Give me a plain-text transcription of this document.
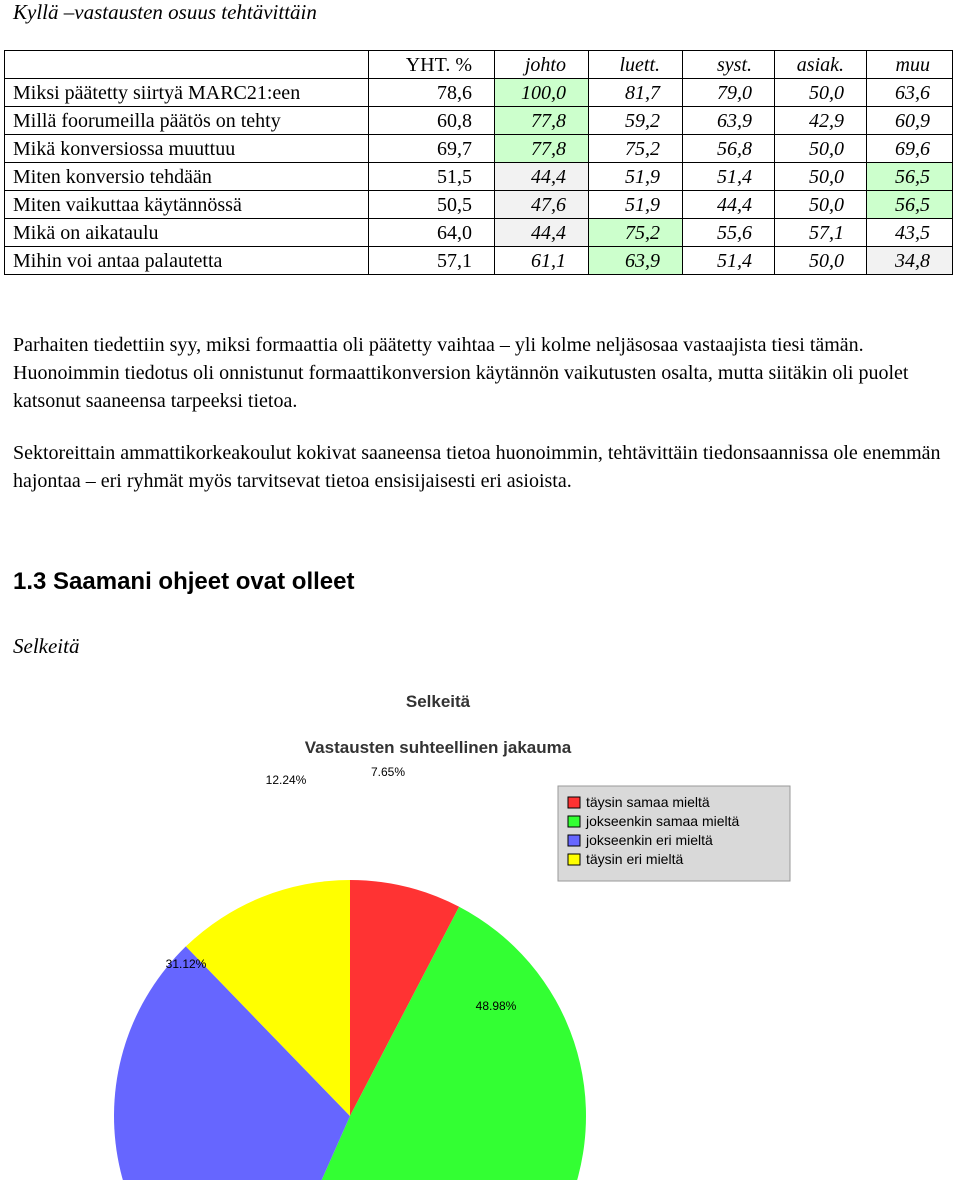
Kyllä –vastausten osuus tehtävittäin
	YHT. %	johto	luett.	syst.	asiak.	muu
Miksi päätetty siirtyä MARC21:een	78,6	100,0	81,7	79,0	50,0	63,6
Millä foorumeilla päätös on tehty	60,8	77,8	59,2	63,9	42,9	60,9
Mikä konversiossa muuttuu	69,7	77,8	75,2	56,8	50,0	69,6
Miten konversio tehdään	51,5	44,4	51,9	51,4	50,0	56,5
Miten vaikuttaa käytännössä	50,5	47,6	51,9	44,4	50,0	56,5
Mikä on aikataulu	64,0	44,4	75,2	55,6	57,1	43,5
Mihin voi antaa palautetta	57,1	61,1	63,9	51,4	50,0	34,8
Parhaiten tiedettiin syy, miksi formaattia oli päätetty vaihtaa – yli kolme neljäsosaa vastaajista tiesi tämän. Huonoimmin tiedotus oli onnistunut formaattikonversion käytännön vaikutusten osalta, mutta siitäkin oli puolet katsonut saaneensa tarpeeksi tietoa.
Sektoreittain ammattikorkeakoulut kokivat saaneensa tietoa huonoimmin, tehtävittäin tiedonsaannissa ole enemmän hajontaa – eri ryhmät myös tarvitsevat tietoa ensisijaisesti eri asioista.
1.3 Saamani ohjeet ovat olleet
Selkeitä
Selkeitä
Vastausten suhteellinen jakauma
7.65%
48.98%
31.12%
12.24%
täysin samaa mieltä
jokseenkin samaa mieltä
jokseenkin eri mieltä
täysin eri mieltä
